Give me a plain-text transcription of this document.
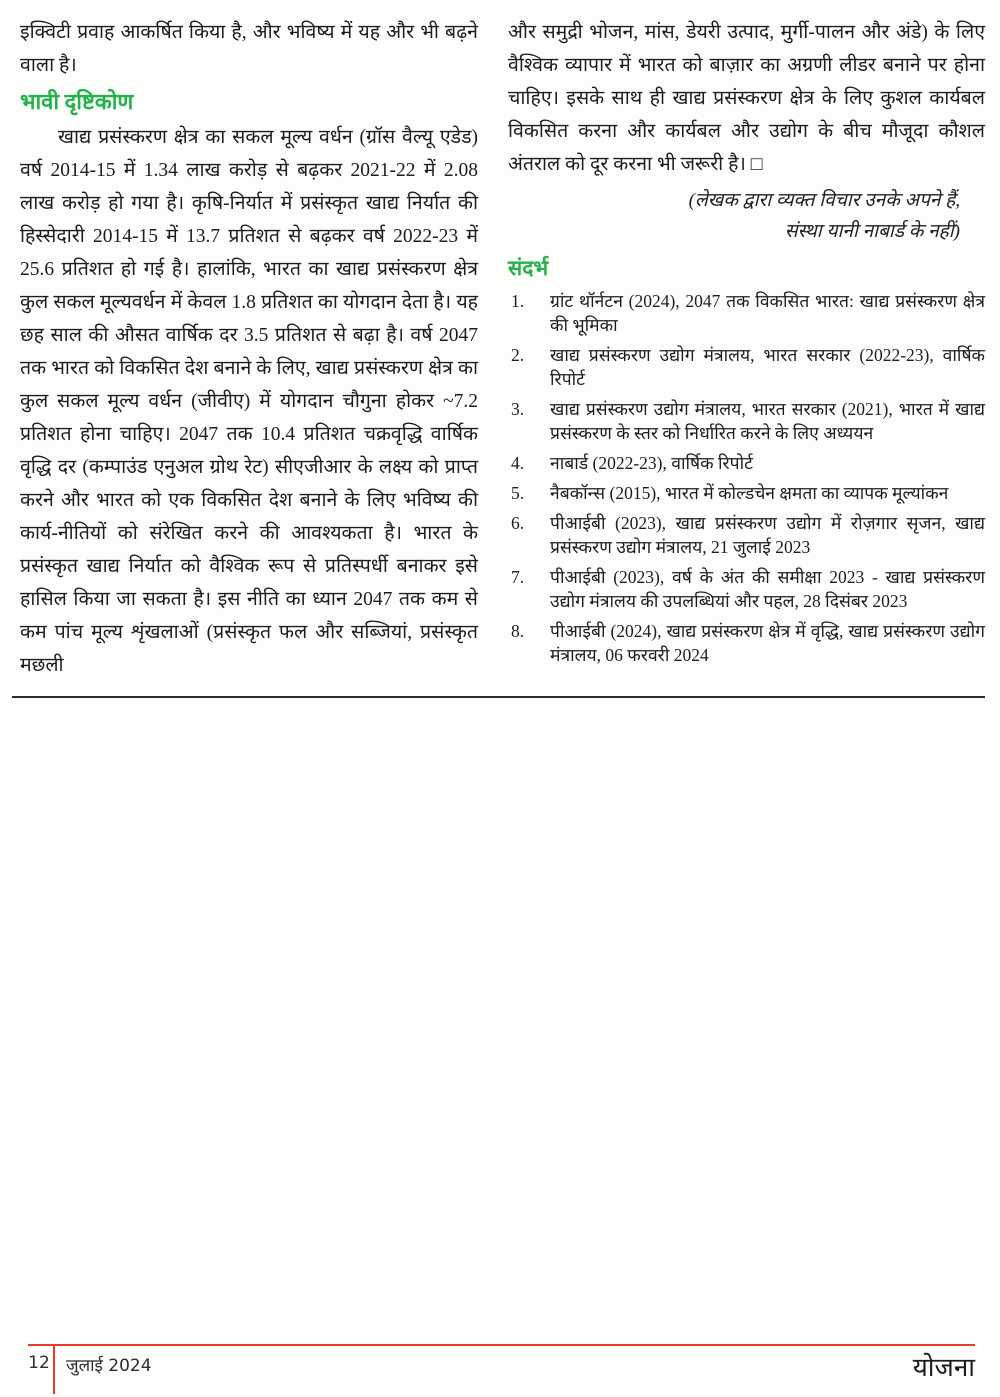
इक्विटी प्रवाह आकर्षित किया है, और भविष्य में यह और भी बढ़ने वाला है।

भावी दृष्टिकोण

खाद्य प्रसंस्करण क्षेत्र का सकल मूल्य वर्धन (ग्रॉस वैल्यू एडेड) वर्ष 2014-15 में 1.34 लाख करोड़ से बढ़कर 2021-22 में 2.08 लाख करोड़ हो गया है। कृषि-निर्यात में प्रसंस्कृत खाद्य निर्यात की हिस्सेदारी 2014-15 में 13.7 प्रतिशत से बढ़कर वर्ष 2022-23 में 25.6 प्रतिशत हो गई है। हालांकि, भारत का खाद्य प्रसंस्करण क्षेत्र कुल सकल मूल्यवर्धन में केवल 1.8 प्रतिशत का योगदान देता है। यह छह साल की औसत वार्षिक दर 3.5 प्रतिशत से बढ़ा है। वर्ष 2047 तक भारत को विकसित देश बनाने के लिए, खाद्य प्रसंस्करण क्षेत्र का कुल सकल मूल्य वर्धन (जीवीए) में योगदान चौगुना होकर ~7.2 प्रतिशत होना चाहिए। 2047 तक 10.4 प्रतिशत चक्रवृद्धि वार्षिक वृद्धि दर (कम्पाउंड एनुअल ग्रोथ रेट) सीएजीआर के लक्ष्य को प्राप्त करने और भारत को एक विकसित देश बनाने के लिए भविष्य की कार्य-नीतियों को संरेखित करने की आवश्यकता है। भारत के प्रसंस्कृत खाद्य निर्यात को वैश्विक रूप से प्रतिस्पर्धी बनाकर इसे हासिल किया जा सकता है। इस नीति का ध्यान 2047 तक कम से कम पांच मूल्य शृंखलाओं (प्रसंस्कृत फल और सब्जियां, प्रसंस्कृत मछली

और समुद्री भोजन, मांस, डेयरी उत्पाद, मुर्गी-पालन और अंडे) के लिए वैश्विक व्यापार में भारत को बाज़ार का अग्रणी लीडर बनाने पर होना चाहिए। इसके साथ ही खाद्य प्रसंस्करण क्षेत्र के लिए कुशल कार्यबल विकसित करना और कार्यबल और उद्योग के बीच मौजूदा कौशल अंतराल को दूर करना भी जरूरी है। □

(लेखक द्वारा व्यक्त विचार उनके अपने हैं,
संस्था यानी नाबार्ड के नहीं)

संदर्भ
1. ग्रांट थॉर्नटन (2024), 2047 तक विकसित भारत: खाद्य प्रसंस्करण क्षेत्र की भूमिका
2. खाद्य प्रसंस्करण उद्योग मंत्रालय, भारत सरकार (2022-23), वार्षिक रिपोर्ट
3. खाद्य प्रसंस्करण उद्योग मंत्रालय, भारत सरकार (2021), भारत में खाद्य प्रसंस्करण के स्तर को निर्धारित करने के लिए अध्ययन
4. नाबार्ड (2022-23), वार्षिक रिपोर्ट
5. नैबकॉन्स (2015), भारत में कोल्डचेन क्षमता का व्यापक मूल्यांकन
6. पीआईबी (2023), खाद्य प्रसंस्करण उद्योग में रोज़गार सृजन, खाद्य प्रसंस्करण उद्योग मंत्रालय, 21 जुलाई 2023
7. पीआईबी (2023), वर्ष के अंत की समीक्षा 2023 - खाद्य प्रसंस्करण उद्योग मंत्रालय की उपलब्धियां और पहल, 28 दिसंबर 2023
8. पीआईबी (2024), खाद्य प्रसंस्करण क्षेत्र में वृद्धि, खाद्य प्रसंस्करण उद्योग मंत्रालय, 06 फरवरी 2024
12 जुलाई 2024	योजना
